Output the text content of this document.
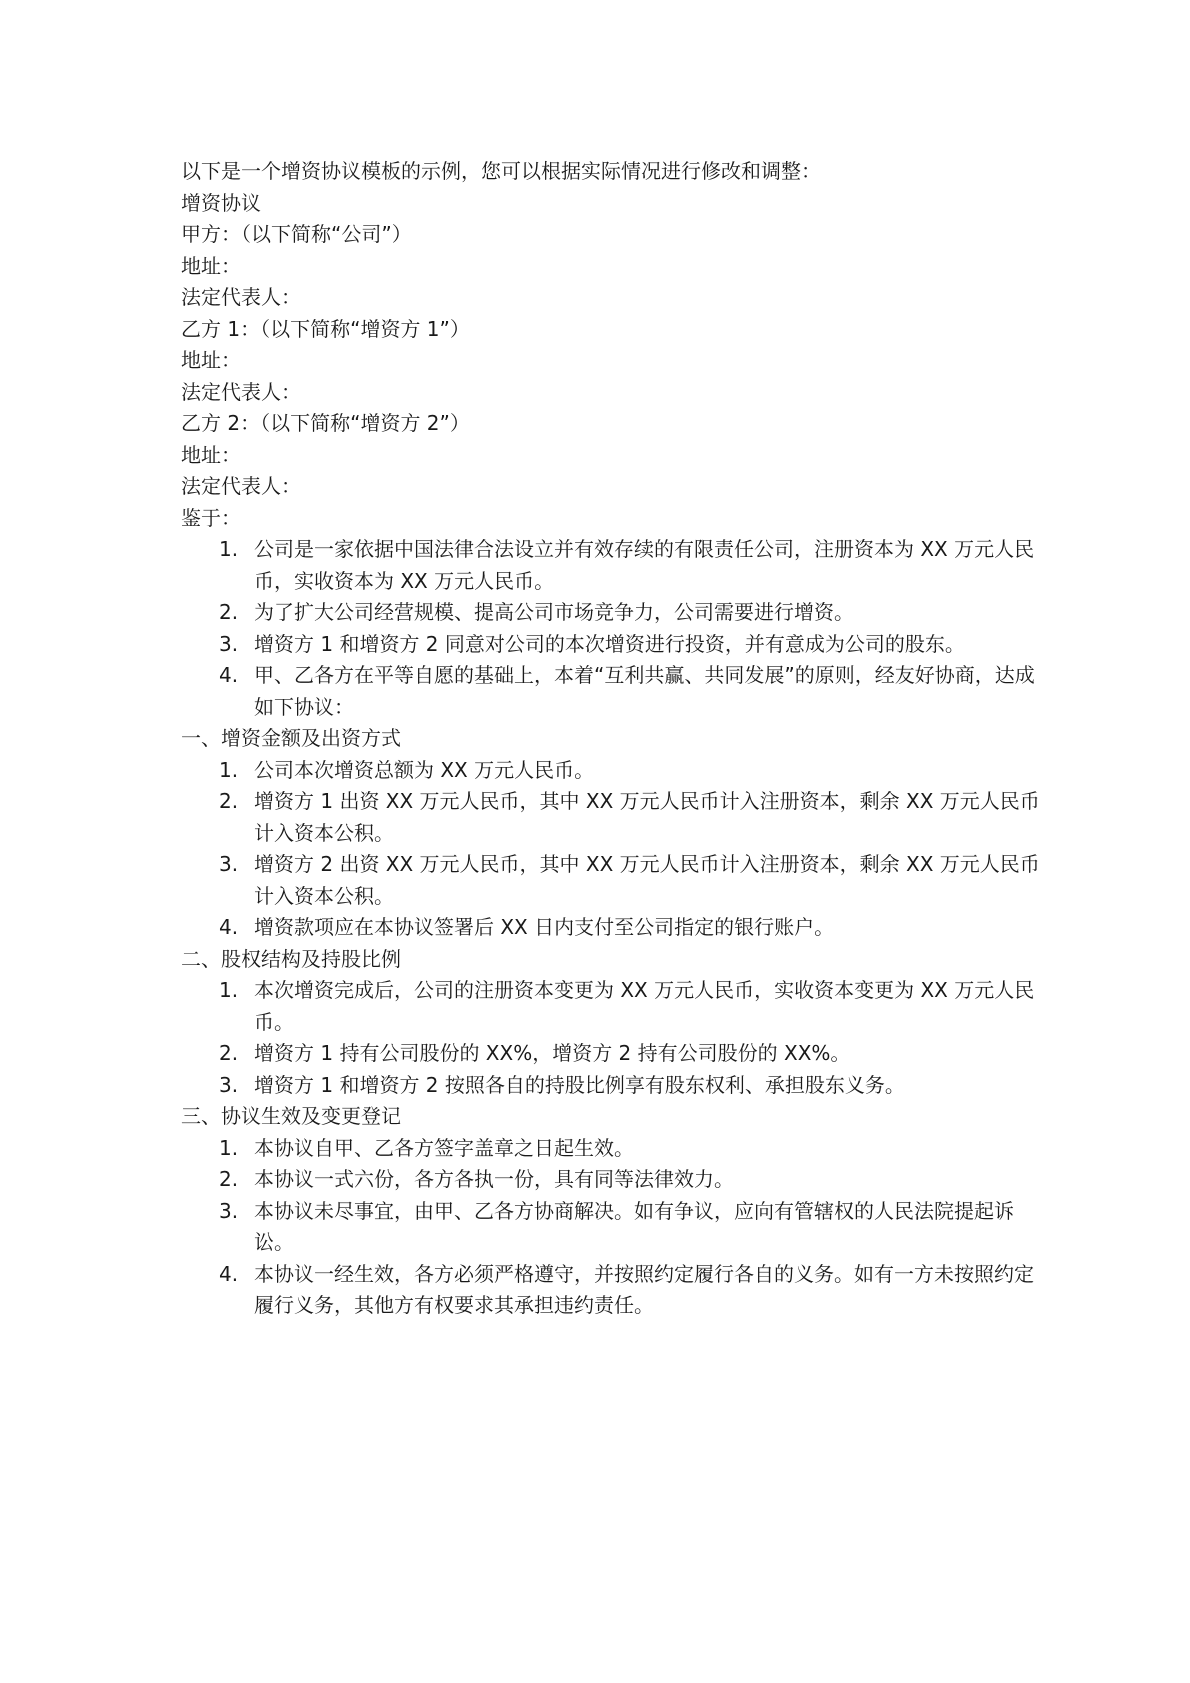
以下是一个增资协议模板的示例，您可以根据实际情况进行修改和调整：

增资协议

甲方：（以下简称“公司”）

地址：

法定代表人：

乙方 1：（以下简称“增资方 1”）

地址：

法定代表人：

乙方 2：（以下简称“增资方 2”）

地址：

法定代表人：

鉴于：

1. 公司是一家依据中国法律合法设立并有效存续的有限责任公司，注册资本为 XX 万元人民币，实收资本为 XX 万元人民币。
2. 为了扩大公司经营规模、提高公司市场竞争力，公司需要进行增资。
3. 增资方 1 和增资方 2 同意对公司的本次增资进行投资，并有意成为公司的股东。
4. 甲、乙各方在平等自愿的基础上，本着“互利共赢、共同发展”的原则，经友好协商，达成如下协议：

一、增资金额及出资方式

1. 公司本次增资总额为 XX 万元人民币。
2. 增资方 1 出资 XX 万元人民币，其中 XX 万元人民币计入注册资本，剩余 XX 万元人民币计入资本公积。
3. 增资方 2 出资 XX 万元人民币，其中 XX 万元人民币计入注册资本，剩余 XX 万元人民币计入资本公积。
4. 增资款项应在本协议签署后 XX 日内支付至公司指定的银行账户。

二、股权结构及持股比例

1. 本次增资完成后，公司的注册资本变更为 XX 万元人民币，实收资本变更为 XX 万元人民币。
2. 增资方 1 持有公司股份的 XX%，增资方 2 持有公司股份的 XX%。
3. 增资方 1 和增资方 2 按照各自的持股比例享有股东权利、承担股东义务。

三、协议生效及变更登记

1. 本协议自甲、乙各方签字盖章之日起生效。
2. 本协议一式六份，各方各执一份，具有同等法律效力。
3. 本协议未尽事宜，由甲、乙各方协商解决。如有争议，应向有管辖权的人民法院提起诉讼。
4. 本协议一经生效，各方必须严格遵守，并按照约定履行各自的义务。如有一方未按照约定履行义务，其他方有权要求其承担违约责任。
